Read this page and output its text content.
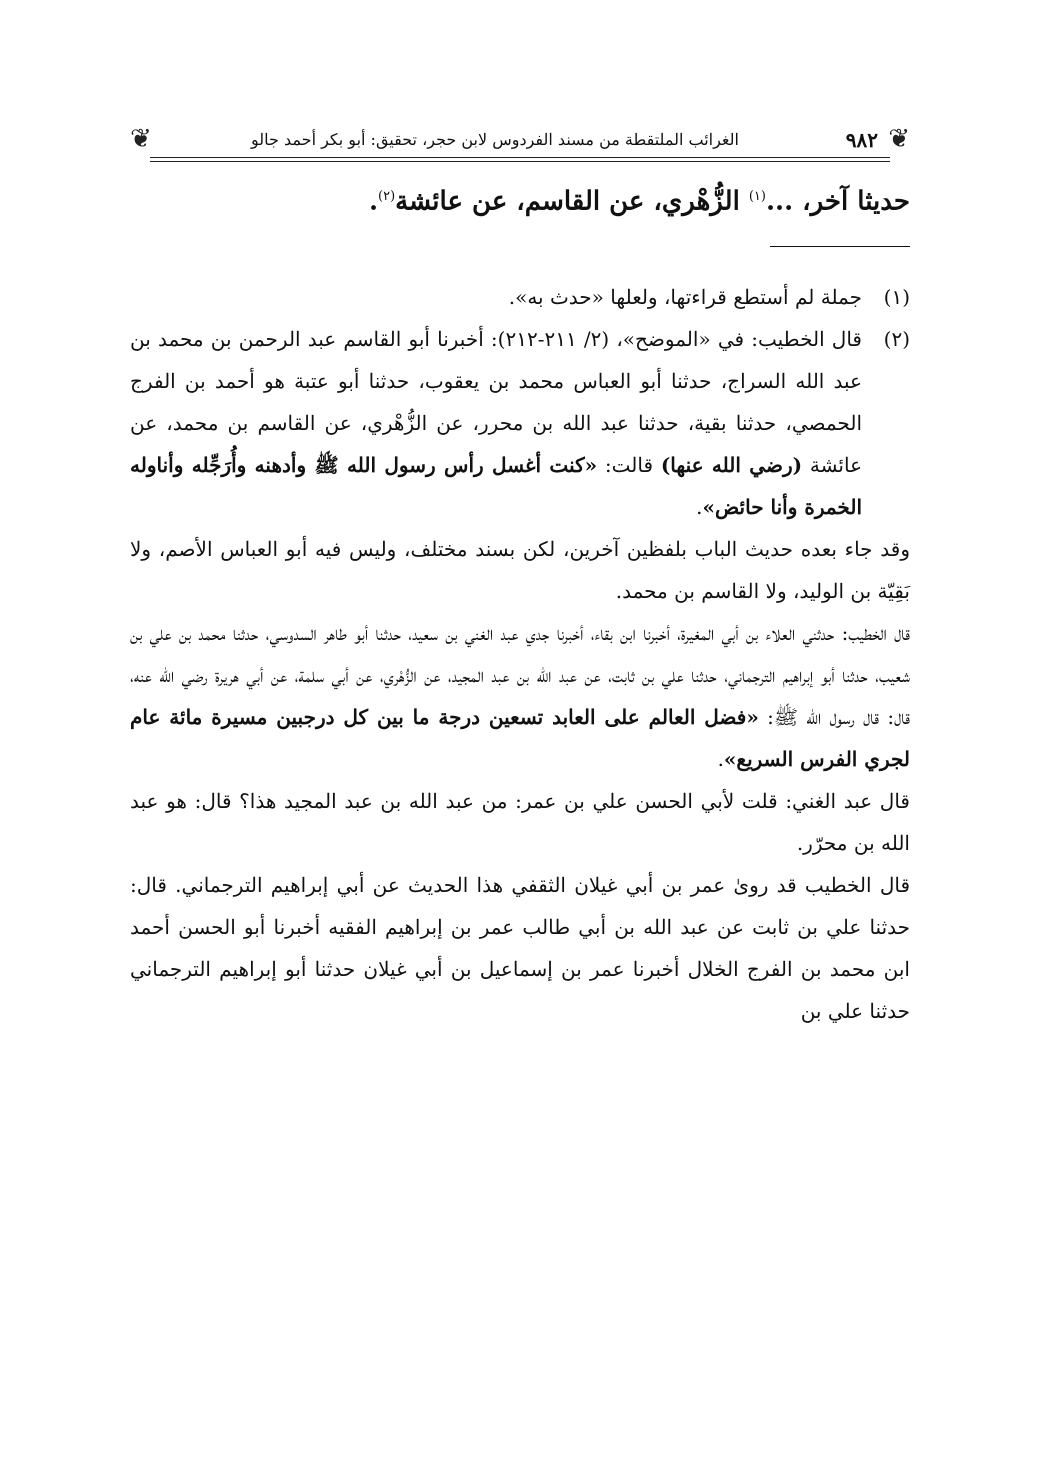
❦
٩٨٢
الغرائب الملتقطة من مسند الفردوس لابن حجر، تحقيق: أبو بكر أحمد جالو
❦
حديثا آخر، ...$^{(١)}$ الزُّهْري، عن القاسم، عن عائشة$^{(٢)}$.
(١)
جملة لم أستطع قراءتها، ولعلها «حدث به».
(٢)
قال الخطيب: في «الموضح»، (٢/ ٢١١-٢١٢): أخبرنا أبو القاسم عبد الرحمن بن محمد بن عبد الله السراج، حدثنا أبو العباس محمد بن يعقوب، حدثنا أبو عتبة هو أحمد بن الفرج الحمصي، حدثنا بقية، حدثنا عبد الله بن محرر، عن الزُّهْري، عن القاسم بن محمد، عن عائشة (رضي الله عنها) قالت: «كنت أغسل رأس رسول الله ﷺ وأدهنه وأُرَجِّله وأناوله الخمرة وأنا حائض».

وقد جاء بعده حديث الباب بلفظين آخرين، لكن بسند مختلف، وليس فيه أبو العباس الأصم، ولا بَقِيّة بن الوليد، ولا القاسم بن محمد.

قال الخطيب: حدثني العلاء بن أبي المغيرة، أخبرنا ابن بقاء، أخبرنا جدي عبد الغني بن سعيد، حدثنا أبو طاهر السدوسي، حدثنا محمد بن علي بن شعيب، حدثنا أبو إبراهيم الترجماني، حدثنا علي بن ثابت، عن عبد الله بن عبد المجيد، عن الزُّهْري، عن أبي سلمة، عن أبي هريرة رضي الله عنه، قال: قال رسول الله ﷺ: «فضل العالم على العابد تسعين درجة ما بين كل درجبين مسيرة مائة عام لجري الفرس السريع».

قال عبد الغني: قلت لأبي الحسن علي بن عمر: من عبد الله بن عبد المجيد هذا؟ قال: هو عبد الله بن محرّر.

قال الخطيب قد روىٰ عمر بن أبي غيلان الثقفي هذا الحديث عن أبي إبراهيم الترجماني. قال: حدثنا علي بن ثابت عن عبد الله بن أبي طالب عمر بن إبراهيم الفقيه أخبرنا أبو الحسن أحمد ابن محمد بن الفرج الخلال أخبرنا عمر بن إسماعيل بن أبي غيلان حدثنا أبو إبراهيم الترجماني حدثنا علي بن
